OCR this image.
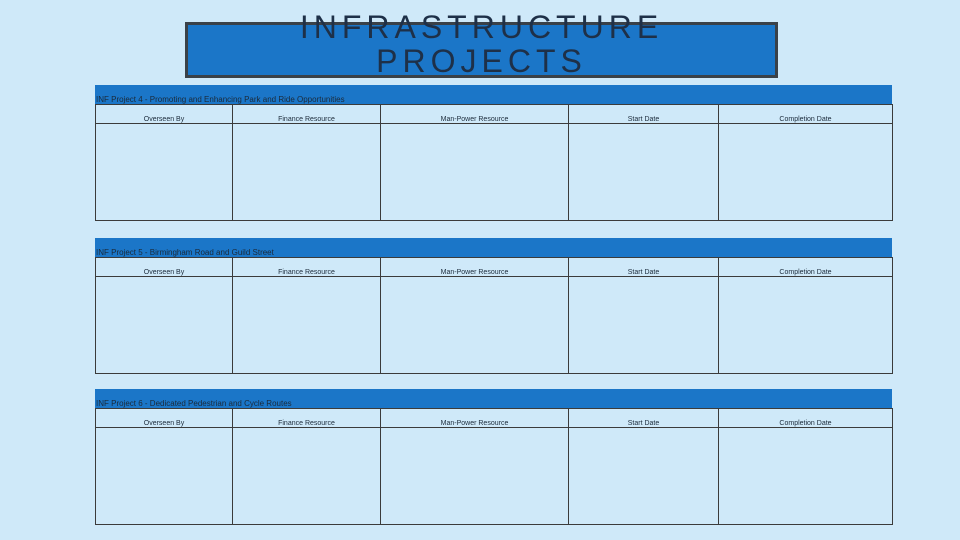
INFRASTRUCTURE
PROJECTS
INF Project 4 - Promoting and Enhancing Park and Ride Opportunities
Overseen By	Finance Resource	Man-Power Resource	Start Date	Completion Date

INF Project 5 - Birmingham Road and Guild Street
Overseen By	Finance Resource	Man-Power Resource	Start Date	Completion Date

INF Project 6 - Dedicated Pedestrian and Cycle Routes
Overseen By	Finance Resource	Man-Power Resource	Start Date	Completion Date
